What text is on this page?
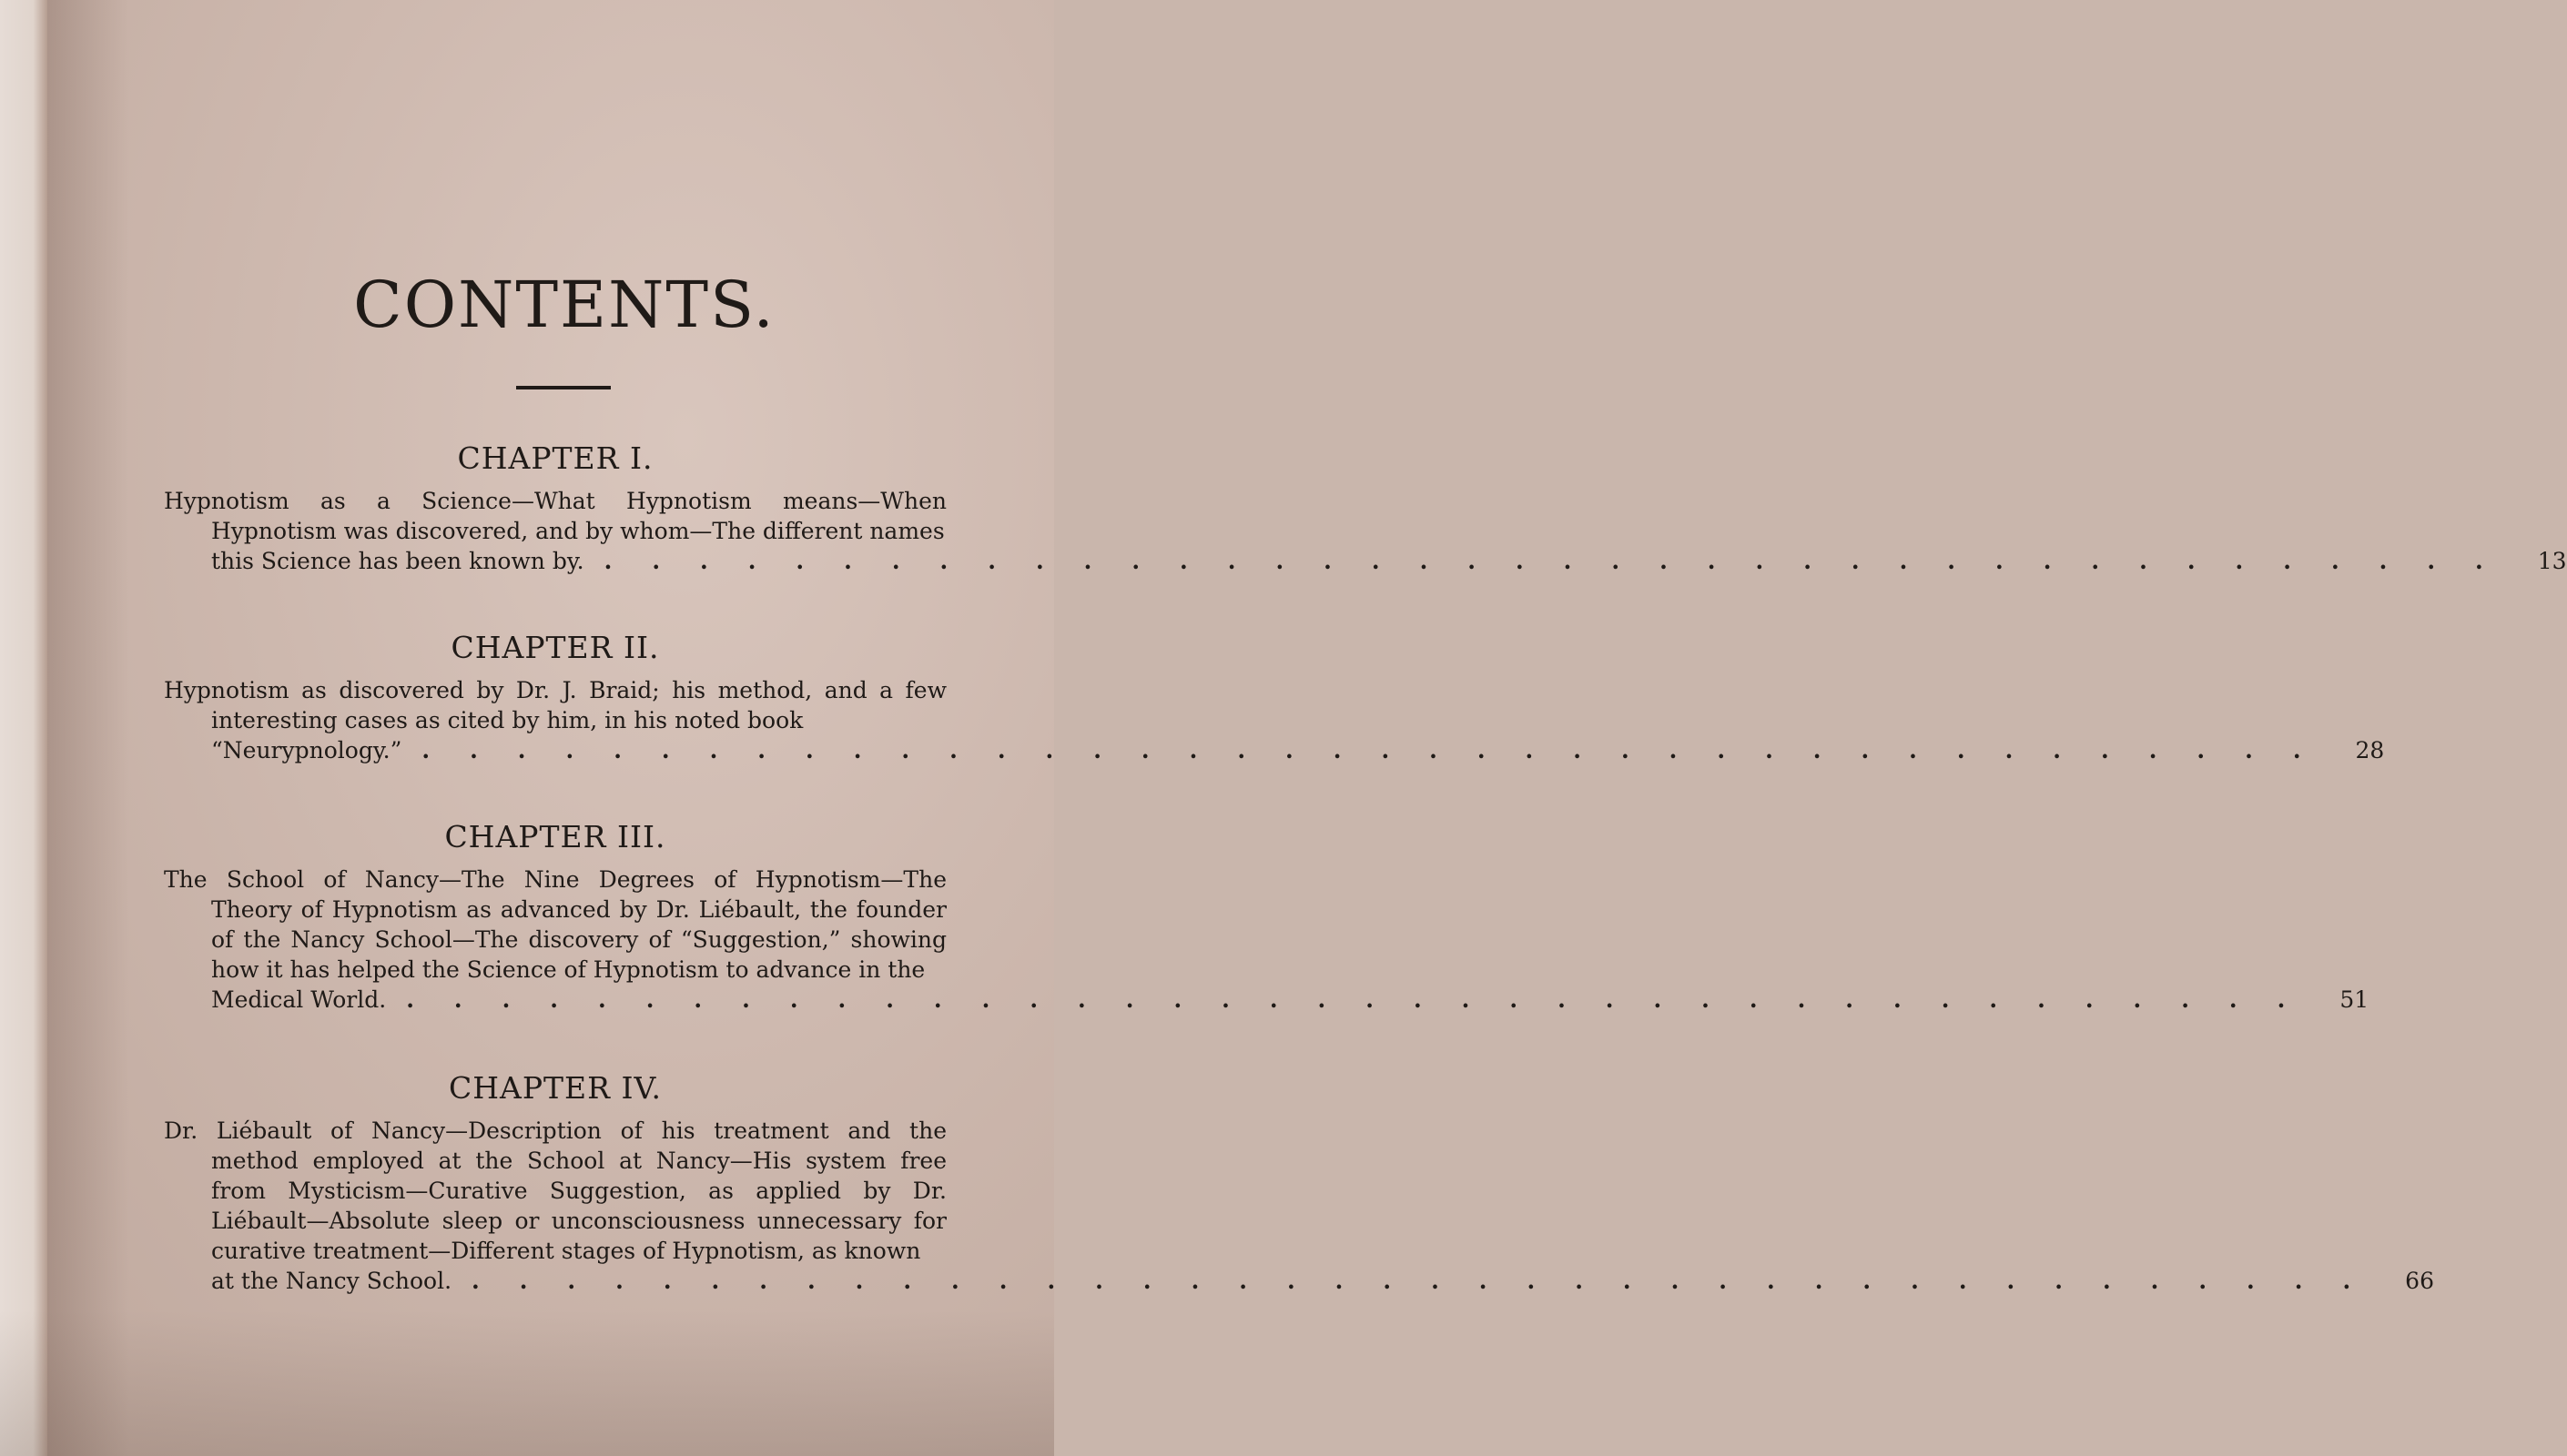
CONTENTS.
CHAPTER I.

Hypnotism as a Science—What Hypnotism means—When Hypnotism was discovered, and by whom—The different names

this Science has been known by. ........................................ 13
CHAPTER II.

Hypnotism as discovered by Dr. J. Braid; his method, and a few interesting cases as cited by him, in his noted book

“Neurypnology.” ........................................ 28
CHAPTER III.

The School of Nancy—The Nine Degrees of Hypnotism—The Theory of Hypnotism as advanced by Dr. Liébault, the founder of the Nancy School—The discovery of “Suggestion,” showing how it has helped the Science of Hypnotism to advance in the

Medical World. ........................................ 51
CHAPTER IV.

Dr. Liébault of Nancy—Description of his treatment and the method employed at the School at Nancy—His system free from Mysticism—Curative Suggestion, as applied by Dr. Liébault—Absolute sleep or unconsciousness unnecessary for curative treatment—Different stages of Hypnotism, as known

at the Nancy School. ........................................ 66
